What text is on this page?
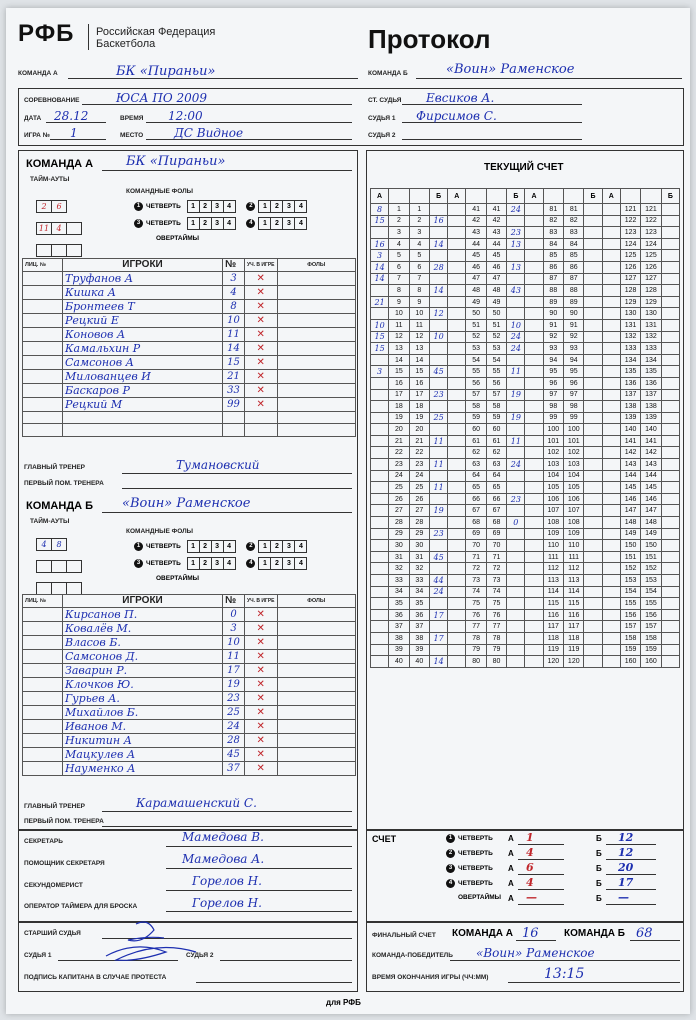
РФБ Российская Федерация
Баскетбола	Протокол
КОМАНДА А	БК «Пираньи»	КОМАНДА Б	«Воин» Раменское
СОРЕВНОВАНИЕ	ЮСА ПО 2009
ДАТА 28.12	ВРЕМЯ 12:00
ИГРА № 1	МЕСТО	ДС Видное
СТ. СУДЬЯ Евсиков А.
СУДЬЯ 1 Фирсимов С.
СУДЬЯ 2
КОМАНДА А	БК «Пираньи»
ТАЙМ-АУТЫ
КОМАНДНЫЕ ФОЛЫ
2 6
11 4
1 ЧЕТВЕРТЬ 1 2 3 4	2 1 2 3 4
3 ЧЕТВЕРТЬ 1 2 3 4	4 1 2 3 4
ОВЕРТАЙМЫ
ЛИЦ. №	ИГРОКИ	№	УЧ. В ИГРЕ	ФОЛЫ
	Труфанов А	3	✕	
	Кишка А	4	✕	
	Бронтеев Т	8	✕	
	Рецкий Е	10	✕	
	Коновов А	11	✕	
	Камальхин Р	14	✕	
	Самсонов А	15	✕	
	Милованцев И	21	✕	
	Баскаров Р	33	✕	
	Рецкий М	99	✕	

ГЛАВНЫЙ ТРЕНЕР	Тумановский
ПЕРВЫЙ ПОМ. ТРЕНЕРА
КОМАНДА Б «Воин» Раменское
ТАЙМ-АУТЫ
КОМАНДНЫЕ ФОЛЫ
4 8	1 ЧЕТВЕРТЬ 1 2 3 4	2 1 2 3 4
3 ЧЕТВЕРТЬ 1 2 3 4	4 1 2 3 4
ОВЕРТАЙМЫ
ЛИЦ. №	ИГРОКИ	№	УЧ. В ИГРЕ	ФОЛЫ
	Кирсанов П.	0	✕	
	Ковалёв М.	3	✕	
	Власов Б.	10	✕	
	Самсонов Д.	11	✕	
	Заварин Р.	17	✕	
	Клочков Ю.	19	✕	
	Гурьев А.	23	✕	
	Михайлов Б.	25	✕	
	Иванов М.	24	✕	
	Никитин А	28	✕	
	Мацкулев А	45	✕	
	Науменко А	37	✕	
ГЛАВНЫЙ ТРЕНЕР	Карамашенский С.
ПЕРВЫЙ ПОМ. ТРЕНЕРА
ТЕКУЩИЙ СЧЕТ
А			Б	А			Б	А			Б	А			Б
8	1	1			41	41	24		81	81			121	121	
15	2	2	16		42	42			82	82			122	122	
	3	3			43	43	23		83	83			123	123	
16	4	4	14		44	44	13		84	84			124	124	
3	5	5			45	45			85	85			125	125	
14	6	6	28		46	46	13		86	86			126	126	
14	7	7			47	47			87	87			127	127	
	8	8	14		48	48	43		88	88			128	128	
21	9	9			49	49			89	89			129	129	
	10	10	12		50	50			90	90			130	130	
10	11	11			51	51	10		91	91			131	131	
15	12	12	10		52	52	24		92	92			132	132	
15	13	13			53	53	24		93	93			133	133	
	14	14			54	54			94	94			134	134	
3	15	15	45		55	55	11		95	95			135	135	
	16	16			56	56			96	96			136	136	
	17	17	23		57	57	19		97	97			137	137	
	18	18			58	58			98	98			138	138	
	19	19	25		59	59	19		99	99			139	139	
	20	20			60	60			100	100			140	140	
	21	21	11		61	61	11		101	101			141	141	
	22	22			62	62			102	102			142	142	
	23	23	11		63	63	24		103	103			143	143	
	24	24			64	64			104	104			144	144	
	25	25	11		65	65			105	105			145	145	
	26	26			66	66	23		106	106			146	146	
	27	27	19		67	67			107	107			147	147	
	28	28			68	68	0		108	108			148	148	
	29	29	23		69	69			109	109			149	149	
	30	30			70	70			110	110			150	150	
	31	31	45		71	71			111	111			151	151	
	32	32			72	72			112	112			152	152	
	33	33	44		73	73			113	113			153	153	
	34	34	24		74	74			114	114			154	154	
	35	35			75	75			115	115			155	155	
	36	36	17		76	76			116	116			156	156	
	37	37			77	77			117	117			157	157	
	38	38	17		78	78			118	118			158	158	
	39	39			79	79			119	119			159	159	
	40	40	14		80	80			120	120			160	160	
СЕКРЕТАРЬ	Мамедова В.
ПОМОЩНИК СЕКРЕТАРЯ	Мамедова А.
СЕКУНДОМЕРИСТ	Горелов Н.
ОПЕРАТОР ТАЙМЕРА ДЛЯ БРОСКА	Горелов Н.
СТАРШИЙ СУДЬЯ
СУДЬЯ 1	СУДЬЯ 2
ПОДПИСЬ КАПИТАНА В СЛУЧАЕ ПРОТЕСТА
СЧЕТ	1 ЧЕТВЕРТЬ А 1	Б 12
2 ЧЕТВЕРТЬ А 4	Б 12
3 ЧЕТВЕРТЬ А 6	Б 20
4 ЧЕТВЕРТЬ А 4	Б 17
ОВЕРТАЙМЫ А —	Б —
ФИНАЛЬНЫЙ СЧЕТ КОМАНДА А 16	КОМАНДА Б 68
КОМАНДА-ПОБЕДИТЕЛЬ «Воин» Раменское
ВРЕМЯ ОКОНЧАНИЯ ИГРЫ (ЧЧ:ММ)	13:15
для РФБ
